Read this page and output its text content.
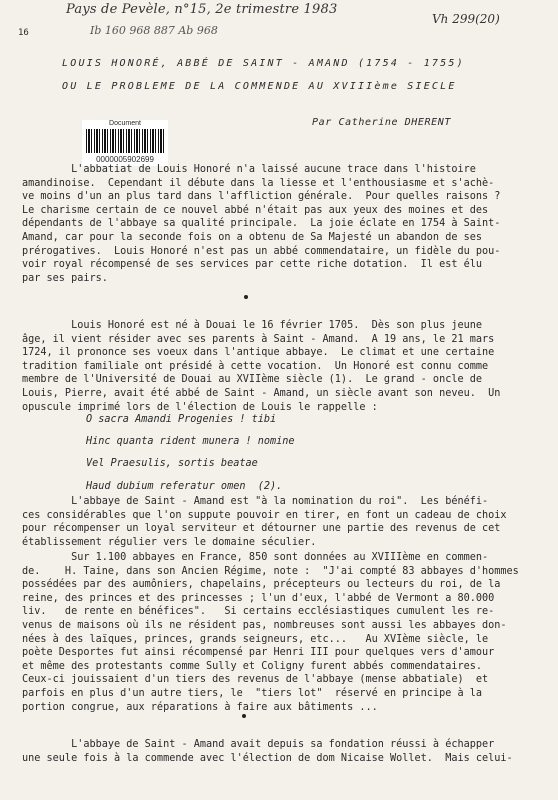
Pays de Pevèle, n°15, 2e trimestre 1983
Vh 299(20)
Ib 160 968 887 Ab 968
16
LOUIS HONORÉ, ABBÉ DE SAINT - AMAND (1754 - 1755)
OU LE PROBLEME DE LA COMMENDE AU XVIIIème SIECLE
Par Catherine DHERENT
Document
0000005902699

L'abbatiat de Louis Honoré n'a laissé aucune trace dans l'histoire
amandinoise.  Cependant il débute dans la liesse et l'enthousiasme et s'achè-
ve moins d'un an plus tard dans l'affliction générale.  Pour quelles raisons ?
Le charisme certain de ce nouvel abbé n'était pas aux yeux des moines et des
dépendants de l'abbaye sa qualité principale.  La joie éclate en 1754 à Saint-
Amand, car pour la seconde fois on a obtenu de Sa Majesté un abandon de ses
prérogatives.  Louis Honoré n'est pas un abbé commendataire, un fidèle du pou-
voir royal récompensé de ses services par cette riche dotation.  Il est élu
par ses pairs.

Louis Honoré est né à Douai le 16 février 1705.  Dès son plus jeune
âge, il vient résider avec ses parents à Saint - Amand.  A 19 ans, le 21 mars
1724, il prononce ses voeux dans l'antique abbaye.  Le climat et une certaine
tradition familiale ont présidé à cette vocation.  Un Honoré est connu comme
membre de l'Université de Douai au XVIIème siècle (1).  Le grand - oncle de
Louis, Pierre, avait été abbé de Saint - Amand, un siècle avant son neveu.  Un
opuscule imprimé lors de l'élection de Louis le rappelle :

O sacra Amandi Progenies ! tibi

Hinc quanta rident munera ! nomine

Vel Praesulis, sortis beatae

Haud dubium referatur omen  (2).

L'abbaye de Saint - Amand est "à la nomination du roi".  Les bénéfi-
ces considérables que l'on suppute pouvoir en tirer, en font un cadeau de choix
pour récompenser un loyal serviteur et détourner une partie des revenus de cet
établissement régulier vers le domaine séculier.

Sur 1.100 abbayes en France, 850 sont données au XVIIIème en commen-
de.    H. Taine, dans son Ancien Régime, note :  "J'ai compté 83 abbayes d'hommes
possédées par des aumôniers, chapelains, précepteurs ou lecteurs du roi, de la
reine, des princes et des princesses ; l'un d'eux, l'abbé de Vermont a 80.000
liv.   de rente en bénéfices".   Si certains ecclésiastiques cumulent les re-
venus de maisons où ils ne résident pas, nombreuses sont aussi les abbayes don-
nées à des laïques, princes, grands seigneurs, etc...   Au XVIème siècle, le
poète Desportes fut ainsi récompensé par Henri III pour quelques vers d'amour
et même des protestants comme Sully et Coligny furent abbés commendataires.
Ceux-ci jouissaient d'un tiers des revenus de l'abbaye (mense abbatiale)  et
parfois en plus d'un autre tiers, le  "tiers lot"  réservé en principe à la
portion congrue, aux réparations à faire aux bâtiments ...

L'abbaye de Saint - Amand avait depuis sa fondation réussi à échapper
une seule fois à la commende avec l'élection de dom Nicaise Wollet.  Mais celui-
